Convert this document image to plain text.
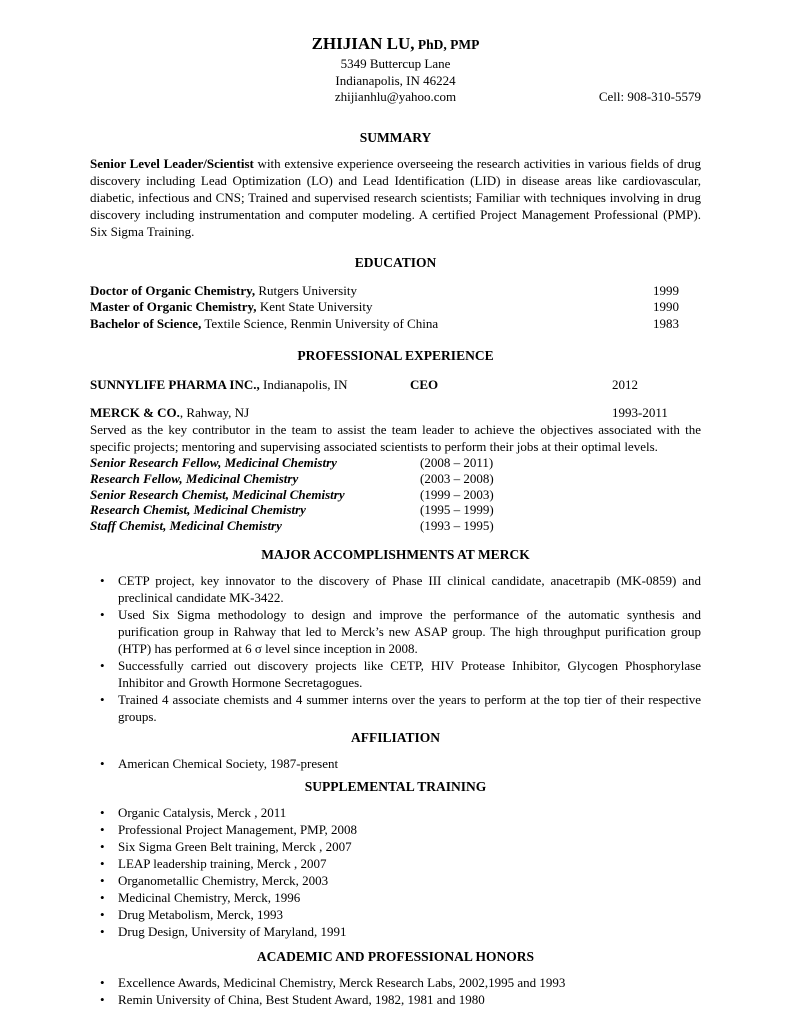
ZHIJIAN LU, PhD, PMP
5349 Buttercup Lane
Indianapolis, IN 46224
zhijianhlu@yahoo.com	Cell: 908-310-5579
SUMMARY

Senior Level Leader/Scientist with extensive experience overseeing the research activities in various fields of drug discovery including Lead Optimization (LO) and Lead Identification (LID) in disease areas like cardiovascular, diabetic, infectious and CNS; Trained and supervised research scientists; Familiar with techniques involving in drug discovery including instrumentation and computer modeling. A certified Project Management Professional (PMP). Six Sigma Training.

EDUCATION
Doctor of Organic Chemistry, Rutgers University	1999
Master of Organic Chemistry, Kent State University	1990
Bachelor of Science, Textile Science, Renmin University of China	1983
PROFESSIONAL EXPERIENCE
SUNNYLIFE PHARMA INC., Indianapolis, IN	CEO	2012
MERCK & CO., Rahway, NJ	1993-2011

Served as the key contributor in the team to assist the team leader to achieve the objectives associated with the specific projects; mentoring and supervising associated scientists to perform their jobs at their optimal levels.

Senior Research Fellow, Medicinal Chemistry	(2008 – 2011)
Research Fellow, Medicinal Chemistry	(2003 – 2008)
Senior Research Chemist, Medicinal Chemistry	(1999 – 2003)
Research Chemist, Medicinal Chemistry	(1995 – 1999)
Staff Chemist, Medicinal Chemistry	(1993 – 1995)
MAJOR ACCOMPLISHMENTS AT MERCK
• CETP project, key innovator to the discovery of Phase III clinical candidate, anacetrapib (MK-0859) and preclinical candidate MK-3422.
• Used Six Sigma methodology to design and improve the performance of the automatic synthesis and purification group in Rahway that led to Merck’s new ASAP group. The high throughput purification group (HTP) has performed at 6 σ level since inception in 2008.
• Successfully carried out discovery projects like CETP, HIV Protease Inhibitor, Glycogen Phosphorylase Inhibitor and Growth Hormone Secretagogues.
• Trained 4 associate chemists and 4 summer interns over the years to perform at the top tier of their respective groups.
AFFILIATION
• American Chemical Society, 1987-present
SUPPLEMENTAL TRAINING
• Organic Catalysis, Merck , 2011
• Professional Project Management, PMP, 2008
• Six Sigma Green Belt training, Merck , 2007
• LEAP leadership training, Merck , 2007
• Organometallic Chemistry, Merck, 2003
• Medicinal Chemistry, Merck, 1996
• Drug Metabolism, Merck, 1993
• Drug Design, University of Maryland, 1991
ACADEMIC AND PROFESSIONAL HONORS
• Excellence Awards, Medicinal Chemistry, Merck Research Labs, 2002,1995 and 1993
• Remin University of China, Best Student Award, 1982, 1981 and 1980
